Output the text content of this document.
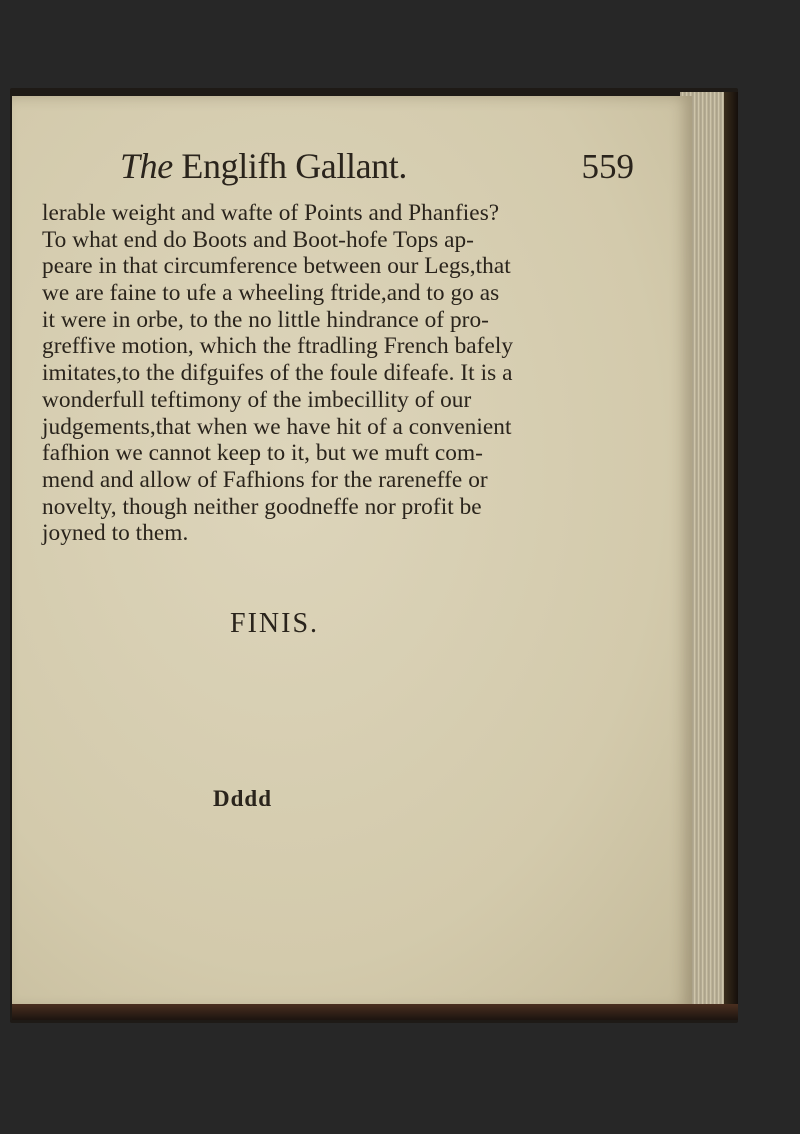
The Englifh Gallant.	559
lerable weight and wafte of Points and Phanfies?
To what end do Boots and Boot-hofe Tops ap-
peare in that circumference between our Legs,that
we are faine to ufe a wheeling ftride,and to go as
it were in orbe, to the no little hindrance of pro-
greffive motion, which the ftradling French bafely
imitates,to the difguifes of the foule difeafe. It is a
wonderfull teftimony of the imbecillity of our
judgements,that when we have hit of a convenient
fafhion we cannot keep to it, but we muft com-
mend and allow of Fafhions for the rareneffe or
novelty, though neither goodneffe nor profit be
joyned to them.
FINIS.
Dddd
